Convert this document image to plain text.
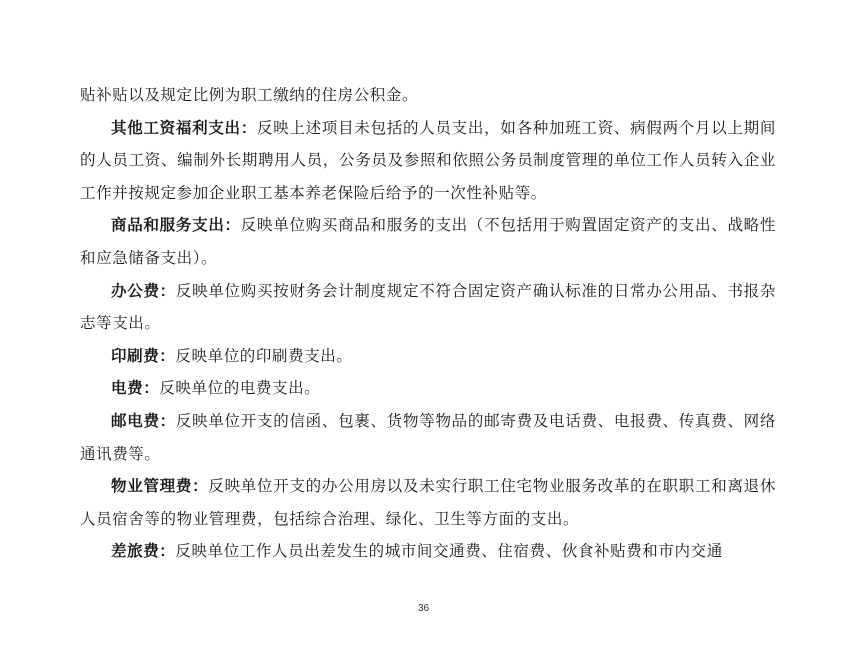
贴补贴以及规定比例为职工缴纳的住房公积金。

其他工资福利支出：反映上述项目未包括的人员支出，如各种加班工资、病假两个月以上期间的人员工资、编制外长期聘用人员，公务员及参照和依照公务员制度管理的单位工作人员转入企业工作并按规定参加企业职工基本养老保险后给予的一次性补贴等。

商品和服务支出：反映单位购买商品和服务的支出（不包括用于购置固定资产的支出、战略性和应急储备支出）。

办公费：反映单位购买按财务会计制度规定不符合固定资产确认标准的日常办公用品、书报杂志等支出。

印刷费：反映单位的印刷费支出。

电费：反映单位的电费支出。

邮电费：反映单位开支的信函、包裹、货物等物品的邮寄费及电话费、电报费、传真费、网络通讯费等。

物业管理费：反映单位开支的办公用房以及未实行职工住宅物业服务改革的在职职工和离退休人员宿舍等的物业管理费，包括综合治理、绿化、卫生等方面的支出。

差旅费：反映单位工作人员出差发生的城市间交通费、住宿费、伙食补贴费和市内交通

36
